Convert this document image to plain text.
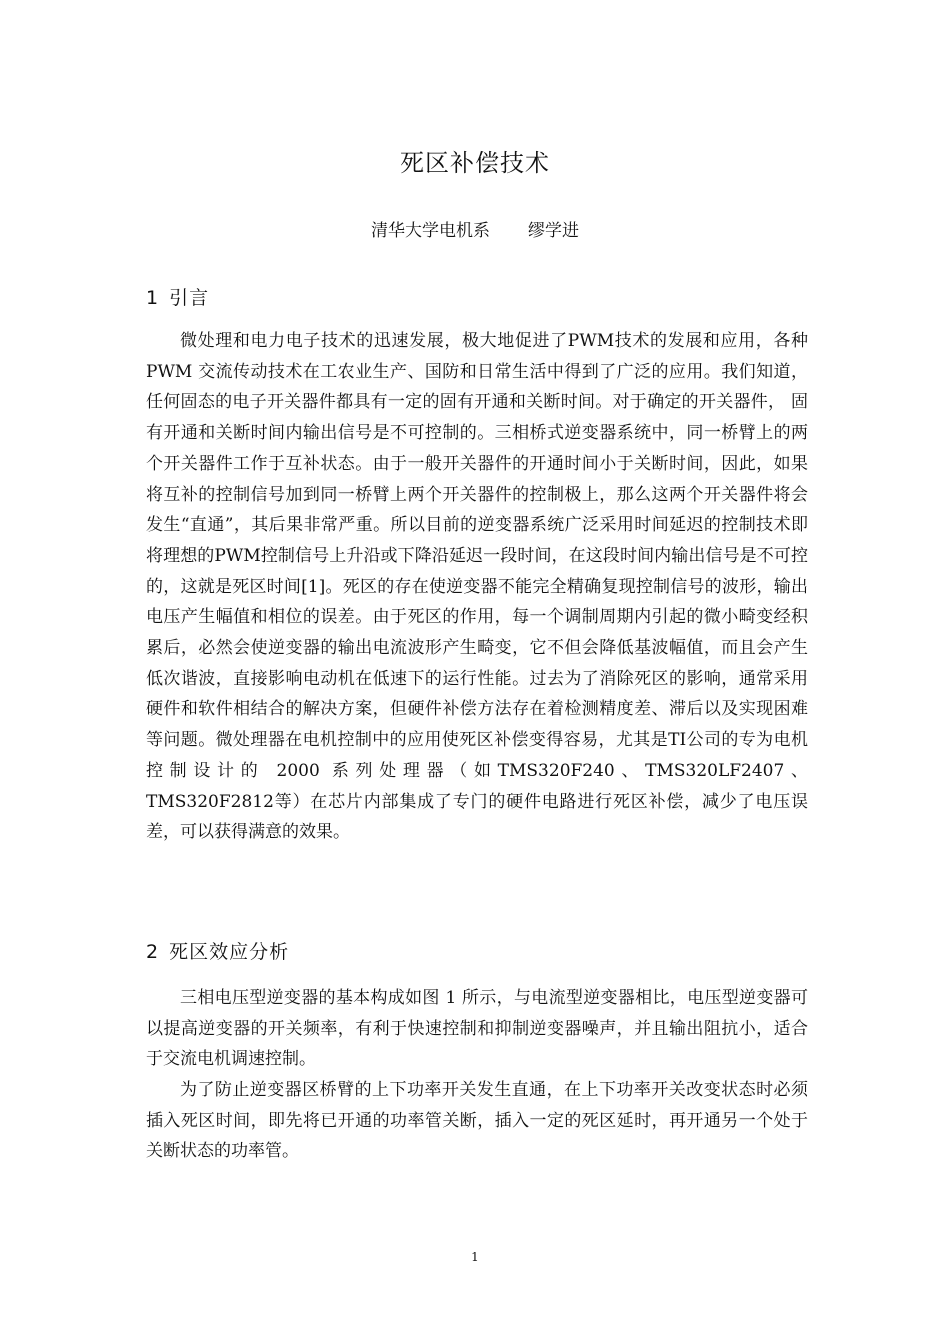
死区补偿技术
清华大学电机系 缪学进
1 引言

微处理和电力电子技术的迅速发展，极大地促进了PWM技术的发展和应用，各种PWM 交流传动技术在工农业生产、国防和日常生活中得到了广泛的应用。我们知道，任何固态的电子开关器件都具有一定的固有开通和关断时间。对于确定的开关器件， 固有开通和关断时间内输出信号是不可控制的。三相桥式逆变器系统中，同一桥臂上的两个开关器件工作于互补状态。由于一般开关器件的开通时间小于关断时间，因此，如果将互补的控制信号加到同一桥臂上两个开关器件的控制极上，那么这两个开关器件将会发生“直通”，其后果非常严重。所以目前的逆变器系统广泛采用时间延迟的控制技术即将理想的PWM控制信号上升沿或下降沿延迟一段时间，在这段时间内输出信号是不可控的，这就是死区时间[1]。死区的存在使逆变器不能完全精确复现控制信号的波形，输出电压产生幅值和相位的误差。由于死区的作用，每一个调制周期内引起的微小畸变经积累后，必然会使逆变器的输出电流波形产生畸变，它不但会降低基波幅值，而且会产生低次谐波，直接影响电动机在低速下的运行性能。过去为了消除死区的影响，通常采用硬件和软件相结合的解决方案，但硬件补偿方法存在着检测精度差、滞后以及实现困难等问题。微处理器在电机控制中的应用使死区补偿变得容易，尤其是TI公司的专为电机控制设计的 2000 系列处理器（如TMS320F240、TMS320LF2407、TMS320F2812等）在芯片内部集成了专门的硬件电路进行死区补偿，减少了电压误差，可以获得满意的效果。

2 死区效应分析

三相电压型逆变器的基本构成如图 1 所示，与电流型逆变器相比，电压型逆变器可以提高逆变器的开关频率，有利于快速控制和抑制逆变器噪声，并且输出阻抗小，适合于交流电机调速控制。

为了防止逆变器区桥臂的上下功率开关发生直通，在上下功率开关改变状态时必须插入死区时间，即先将已开通的功率管关断，插入一定的死区延时，再开通另一个处于关断状态的功率管。

1
